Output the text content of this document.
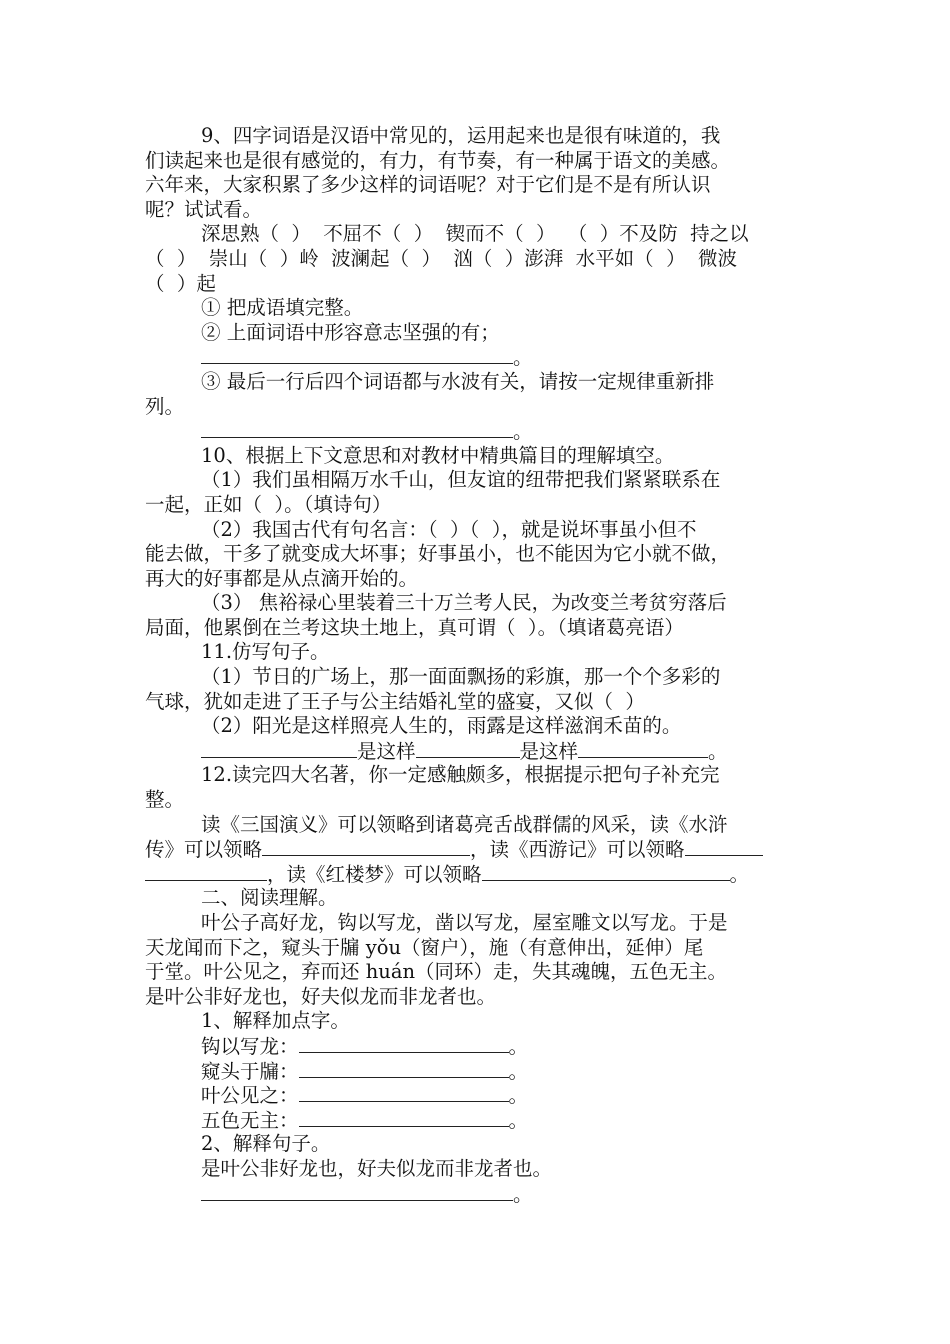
9、四字词语是汉语中常见的，运用起来也是很有味道的，我
们读起来也是很有感觉的，有力，有节奏，有一种属于语文的美感。
六年来，大家积累了多少这样的词语呢？对于它们是不是有所认识
呢？试试看。
深思熟（  ）  不屈不（  ）  锲而不（  ）  （  ）不及防  持之以
（  ）  崇山（  ）岭  波澜起（  ）  汹（  ）澎湃  水平如（  ）  微波
（  ）起
① 把成语填完整。
② 上面词语中形容意志坚强的有；
。
③ 最后一行后四个词语都与水波有关，请按一定规律重新排
列。
。
10、根据上下文意思和对教材中精典篇目的理解填空。
（1）我们虽相隔万水千山，但友谊的纽带把我们紧紧联系在
一起，正如（  ）。（填诗句）
（2）我国古代有句名言：（  ）（  ），就是说坏事虽小但不
能去做，干多了就变成大坏事；好事虽小，也不能因为它小就不做，
再大的好事都是从点滴开始的。
（3） 焦裕禄心里装着三十万兰考人民，为改变兰考贫穷落后
局面，他累倒在兰考这块土地上，真可谓（  ）。（填诸葛亮语）
11.仿写句子。
（1）节日的广场上，那一面面飘扬的彩旗，那一个个多彩的
气球，犹如走进了王子与公主结婚礼堂的盛宴，又似（  ）
（2）阳光是这样照亮人生的，雨露是这样滋润禾苗的。
是这样	是这样	。
12.读完四大名著，你一定感触颇多，根据提示把句子补充完
整。
读《三国演义》可以领略到诸葛亮舌战群儒的风采，读《水浒
传》可以领略	，读《西游记》可以领略
，读《红楼梦》可以领略	。
二、阅读理解。
叶公子高好龙，钩以写龙，凿以写龙，屋室雕文以写龙。于是
天龙闻而下之，窥头于牖 yǒu（窗户），施（有意伸出，延伸）尾
于堂。叶公见之，弃而还 huán（同环）走，失其魂魄，五色无主。
是叶公非好龙也，好夫似龙而非龙者也。
1、解释加点字。
钩以写龙：	。
窥头于牖：	。
叶公见之：	。
五色无主：	。
2、解释句子。
是叶公非好龙也，好夫似龙而非龙者也。
。
